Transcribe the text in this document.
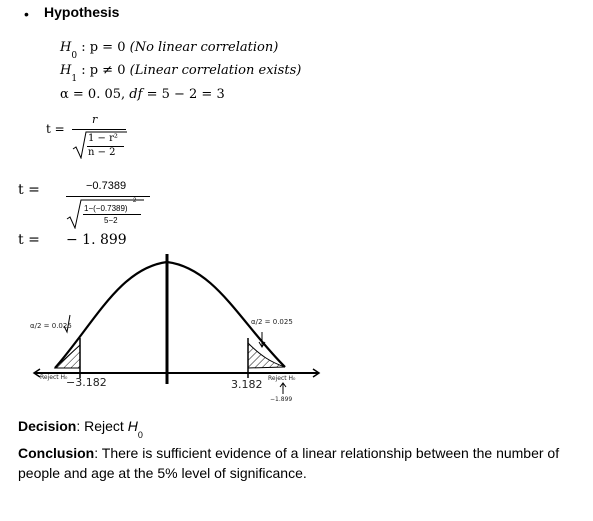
• Hypothesis
$H_0$ : p = 0 (No linear correlation)
$H_1$ : p ≠ 0 (Linear correlation exists)
α = 0. 05, df = 5 − 2 = 3
t =
r
1 − r²
n − 2
t =	−0.7389
1−(−0.7389)
2
5−2
t = − 1. 899
α/2 = 0.025	α/2 = 0.025
Reject H₀
−3.182	3.182 Reject H₀
−1.899
Decision: Reject $H_0$
Conclusion: There is sufficient evidence of a linear relationship between the number of people and age at the 5% level of significance.
